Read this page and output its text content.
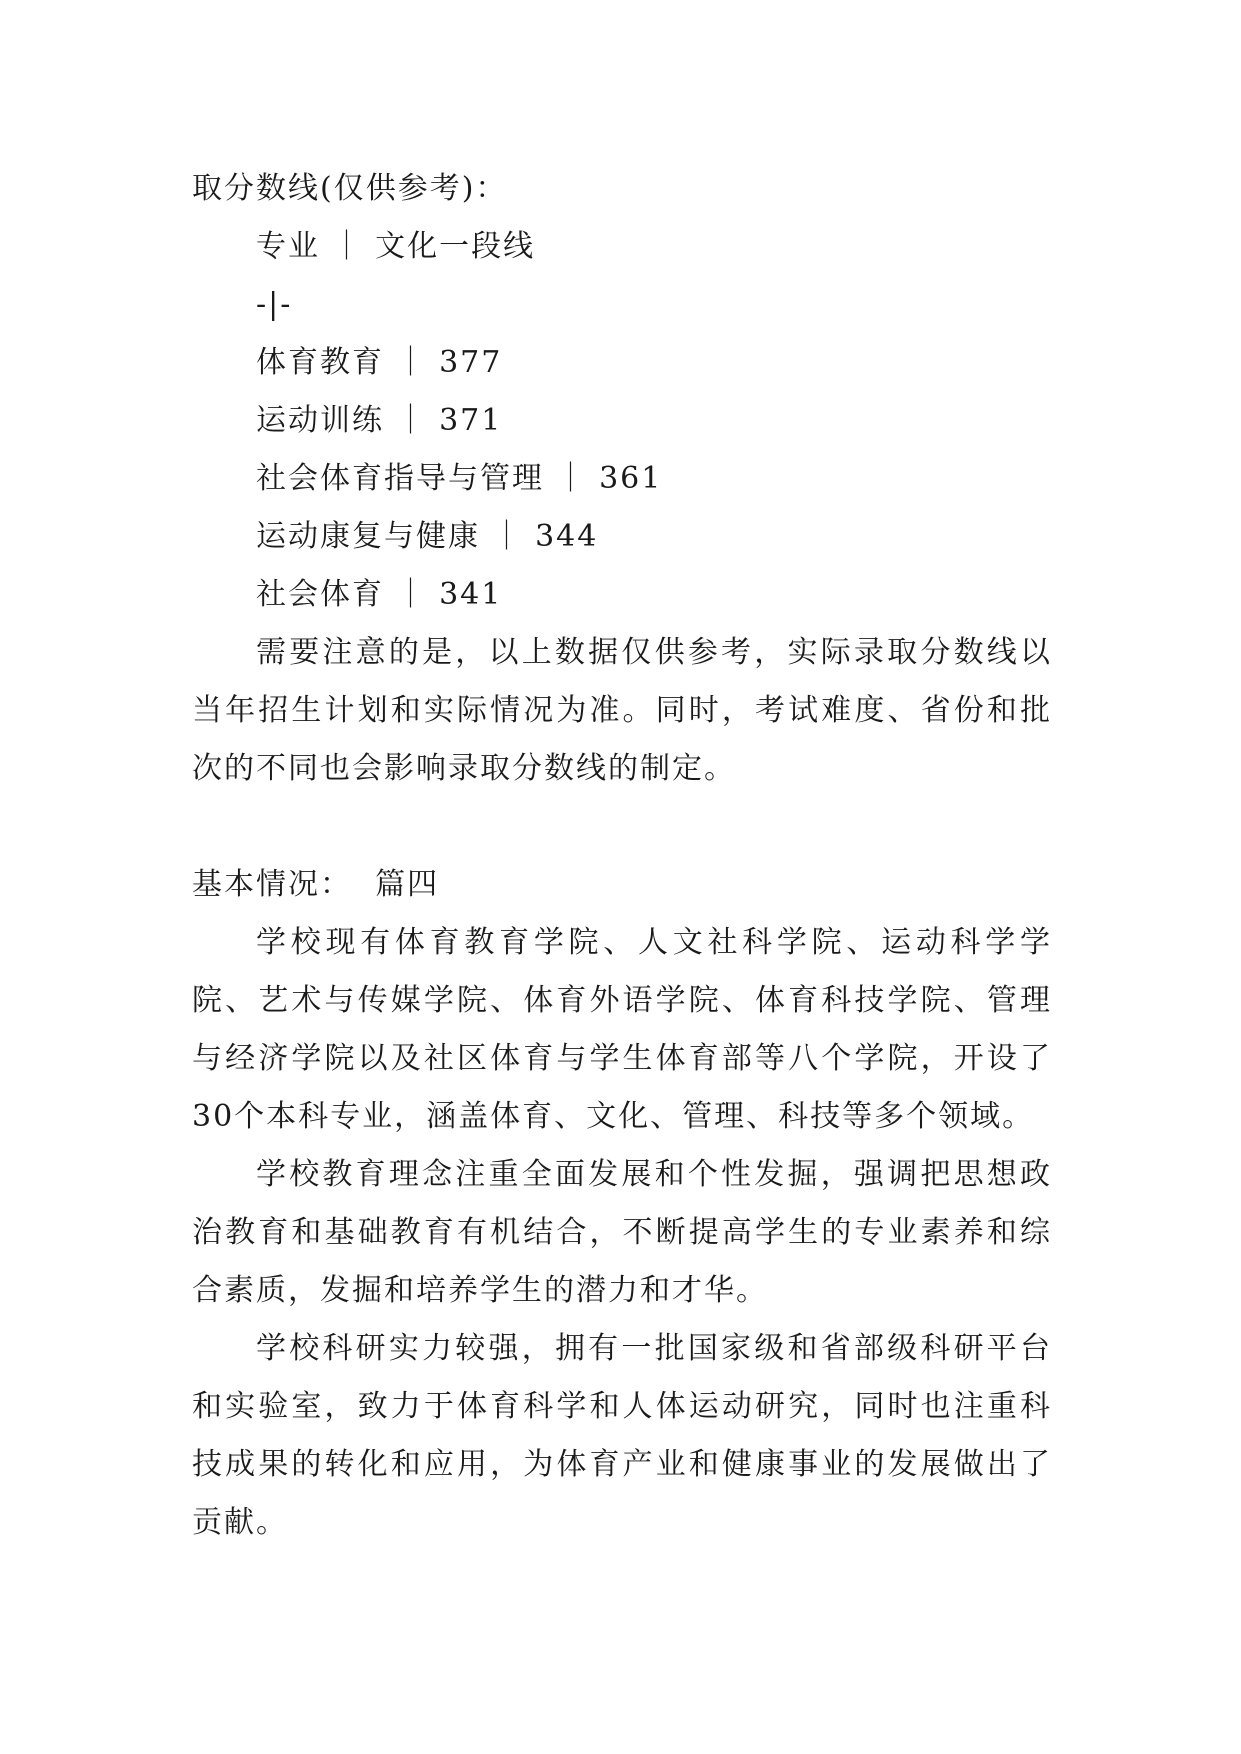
取分数线(仅供参考)：

专业 ｜ 文化一段线

-|-

体育教育 ｜ 377

运动训练 ｜ 371

社会体育指导与管理 ｜ 361

运动康复与健康 ｜ 344

社会体育 ｜ 341

需要注意的是，以上数据仅供参考，实际录取分数线以当年招生计划和实际情况为准。同时，考试难度、省份和批次的不同也会影响录取分数线的制定。

基本情况：  篇四

学校现有体育教育学院、人文社科学院、运动科学学院、艺术与传媒学院、体育外语学院、体育科技学院、管理与经济学院以及社区体育与学生体育部等八个学院，开设了30个本科专业，涵盖体育、文化、管理、科技等多个领域。

学校教育理念注重全面发展和个性发掘，强调把思想政治教育和基础教育有机结合，不断提高学生的专业素养和综合素质，发掘和培养学生的潜力和才华。

学校科研实力较强，拥有一批国家级和省部级科研平台和实验室，致力于体育科学和人体运动研究，同时也注重科技成果的转化和应用，为体育产业和健康事业的发展做出了贡献。
